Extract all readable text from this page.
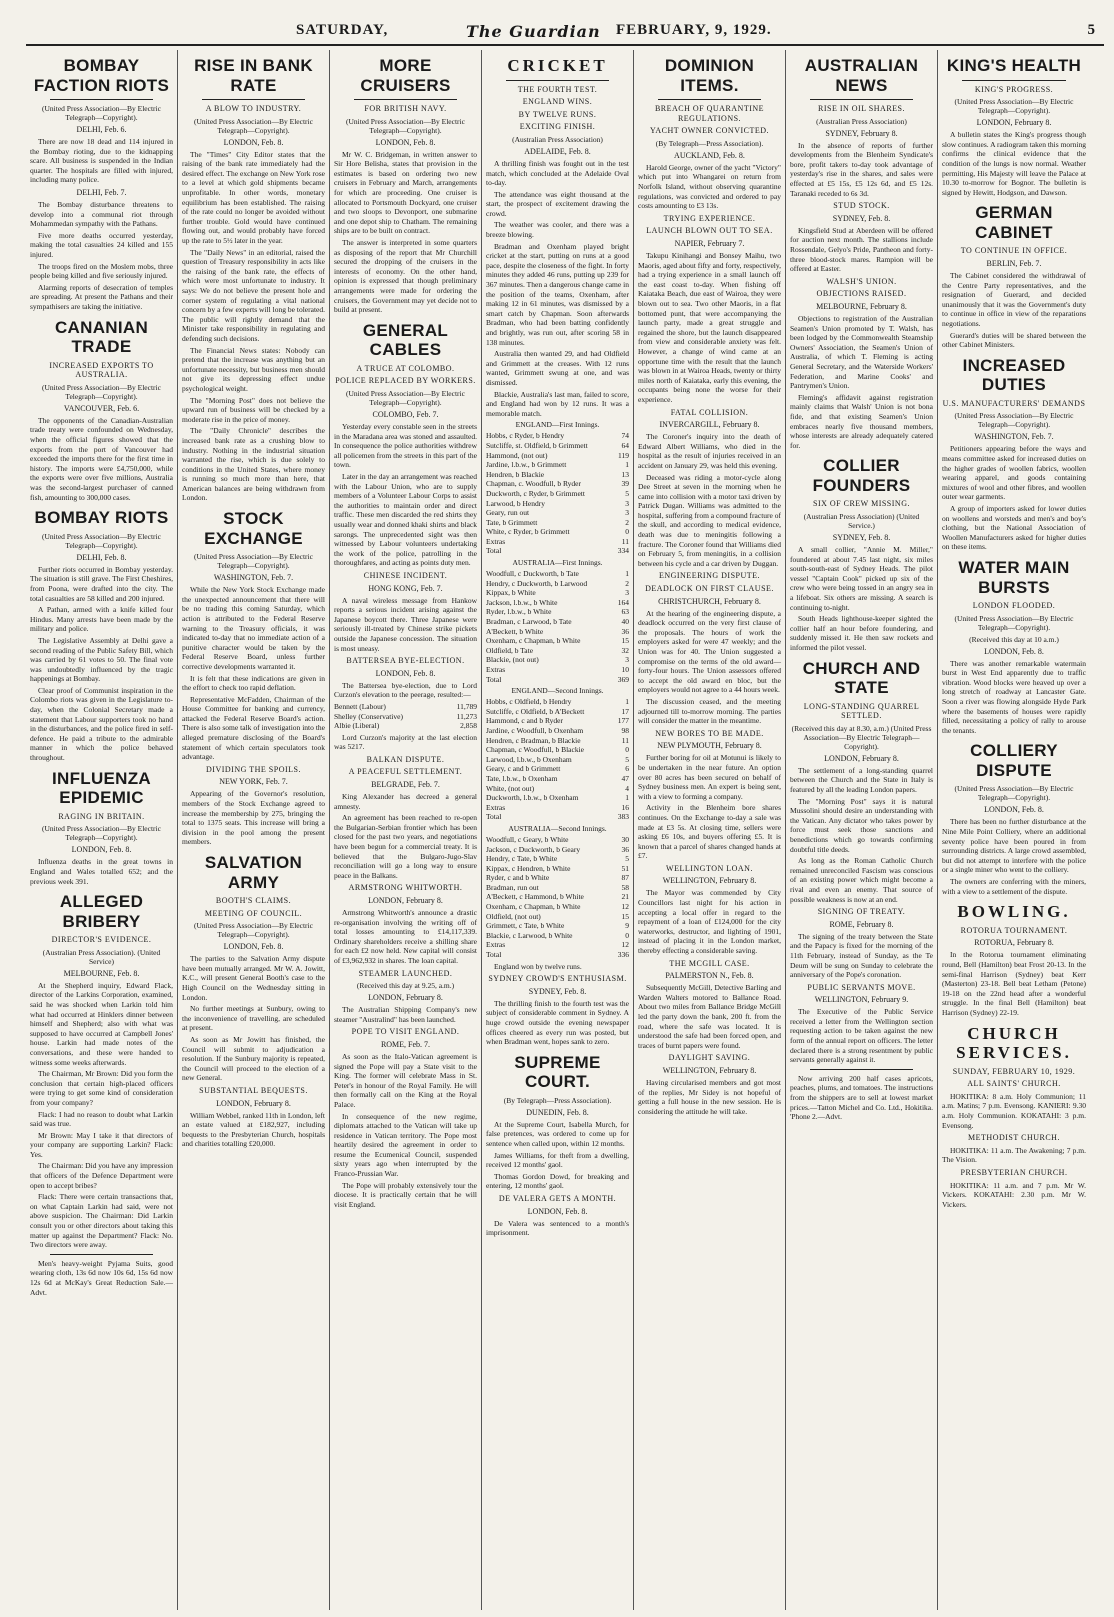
SATURDAY,	The Guardian FEBRUARY, 9, 1929.	5
BOMBAY FACTION RIOTS
(United Press Association—By Electric Telegraph—Copyright).
DELHI, Feb. 6.

There are now 18 dead and 114 injured in the Bombay rioting, due to the kidnapping scare. All business is suspended in the Indian quarter. The hospitals are filled with injured, including many police.

DELHI, Feb. 7.

The Bombay disturbance threatens to develop into a communal riot through Mohammedan sympathy with the Pathans.

Five more deaths occurred yesterday, making the total casualties 24 killed and 155 injured.

The troops fired on the Moslem mobs, three people being killed and five seriously injured.

Alarming reports of desecration of temples are spreading. At present the Pathans and their sympathisers are taking the initiative.

CANANIAN TRADE
INCREASED EXPORTS TO AUSTRALIA.
(United Press Association—By Electric Telegraph—Copyright).
VANCOUVER, Feb. 6.

The opponents of the Canadian-Australian trade treaty were confounded on Wednesday, when the official figures showed that the exports from the port of Vancouver had exceeded the imports there for the first time in history. The imports were £4,750,000, while the exports were over five millions, Australia was the second-largest purchaser of canned fish, amounting to 300,000 cases.

BOMBAY RIOTS
(United Press Association—By Electric Telegraph—Copyright).
DELHI, Feb. 8.

Further riots occurred in Bombay yesterday. The situation is still grave. The First Cheshires, from Poona, were drafted into the city. The total casualties are 58 killed and 200 injured.

A Pathan, armed with a knife killed four Hindus. Many arrests have been made by the military and police.

The Legislative Assembly at Delhi gave a second reading of the Public Safety Bill, which was carried by 61 votes to 50. The final vote was undoubtedly influenced by the tragic happenings at Bombay.

Clear proof of Communist inspiration in the Colombo riots was given in the Legislature to-day, when the Colonial Secretary made a statement that Labour supporters took no hand in the disturbances, and the police fired in self-defence. He paid a tribute to the admirable manner in which the police behaved throughout.

INFLUENZA EPIDEMIC
RAGING IN BRITAIN.
(United Press Association—By Electric Telegraph—Copyright).
LONDON, Feb. 8.

Influenza deaths in the great towns in England and Wales totalled 652; and the previous week 391.

ALLEGED BRIBERY
DIRECTOR'S EVIDENCE.
(Australian Press Association). (United Service)
MELBOURNE, Feb. 8.

At the Shepherd inquiry, Edward Flack, director of the Larkins Corporation, examined, said he was shocked when Larkin told him what had occurred at Hinklers dinner between himself and Shepherd; also with what was supposed to have occurred at Campbell Jones' house. Larkin had made notes of the conversations, and these were handed to witness some weeks afterwards.

The Chairman, Mr Brown: Did you form the conclusion that certain high-placed officers were trying to get some kind of consideration from your company?

Flack: I had no reason to doubt what Larkin said was true.

Mr Brown: May I take it that directors of your company are supporting Larkin? Flack: Yes.

The Chairman: Did you have any impression that officers of the Defence Department were open to accept bribes?

Flack: There were certain transactions that, on what Captain Larkin had said, were not above suspicion. The Chairman: Did Larkin consult you or other directors about taking this matter up against the Department? Flack: No. Two directors were away.

Men's heavy-weight Pyjama Suits, good wearing cloth, 13s 6d now 10s 6d, 15s 6d now 12s 6d at McKay's Great Reduction Sale.—Advt.

RISE IN BANK RATE
A BLOW TO INDUSTRY.
(United Press Association—By Electric Telegraph—Copyright).
LONDON, Feb. 8.

The "Times" City Editor states that the raising of the bank rate immediately had the desired effect. The exchange on New York rose to a level at which gold shipments became unprofitable. In other words, monetary equilibrium has been established. The raising of the rate could no longer be avoided without further trouble. Gold would have continued flowing out, and would probably have forced up the rate to 5½ later in the year.

The "Daily News" in an editorial, raised the question of Treasury responsibility in acts like the raising of the bank rate, the effects of which were most unfortunate to industry. It says: We do not believe the present hole and corner system of regulating a vital national concern by a few experts will long be tolerated. The public will rightly demand that the Minister take responsibility in regulating and defending such decisions.

The Financial News states: Nobody can pretend that the increase was anything but an unfortunate necessity, but business men should not give its depressing effect undue psychological weight.

The "Morning Post" does not believe the upward run of business will be checked by a moderate rise in the price of money.

The "Daily Chronicle" describes the increased bank rate as a crushing blow to industry. Nothing in the industrial situation warranted the rise, which is due solely to conditions in the United States, where money is running so much more than here, that American balances are being withdrawn from London.

STOCK EXCHANGE
(United Press Association—By Electric Telegraph—Copyright).
WASHINGTON, Feb. 7.

While the New York Stock Exchange made the unexpected announcement that there will be no trading this coming Saturday, which action is attributed to the Federal Reserve warning to the Treasury officials, it was indicated to-day that no immediate action of a punitive character would be taken by the Federal Reserve Board, unless further corrective developments warranted it.

It is felt that these indications are given in the effort to check too rapid deflation.

Representative McFadden, Chairman of the House Committee for banking and currency, attacked the Federal Reserve Board's action. There is also some talk of investigation into the alleged premature disclosing of the Board's statement of which certain speculators took advantage.

DIVIDING THE SPOILS.
NEW YORK, Feb. 7.

Appearing of the Governor's resolution, members of the Stock Exchange agreed to increase the membership by 275, bringing the total to 1375 seats. This increase will bring a division in the pool among the present members.

SALVATION ARMY
BOOTH'S CLAIMS.
MEETING OF COUNCIL.
(United Press Association—By Electric Telegraph—Copyright).
LONDON, Feb. 8.

The parties to the Salvation Army dispute have been mutually arranged. Mr W. A. Jowitt, K.C., will present General Booth's case to the High Council on the Wednesday sitting in London.

No further meetings at Sunbury, owing to the inconvenience of travelling, are scheduled at present.

As soon as Mr Jowitt has finished, the Council will submit to adjudication a resolution. If the Sunbury majority is repeated, the Council will proceed to the election of a new General.

SUBSTANTIAL BEQUESTS.
LONDON, February 8.

William Webbel, ranked 11th in London, left an estate valued at £182,927, including bequests to the Presbyterian Church, hospitals and charities totalling £20,000.

MORE CRUISERS
FOR BRITISH NAVY.
(United Press Association—By Electric Telegraph—Copyright).
LONDON, Feb. 8.

Mr W. C. Bridgeman, in written answer to Sir Hore Belisha, states that provision in the estimates is based on ordering two new cruisers in February and March, arrangements for which are proceeding. One cruiser is allocated to Portsmouth Dockyard, one cruiser and two sloops to Devonport, one submarine and one depot ship to Chatham. The remaining ships are to be built on contract.

The answer is interpreted in some quarters as disposing of the report that Mr Churchill secured the dropping of the cruisers in the interests of economy. On the other hand, opinion is expressed that though preliminary arrangements were made for ordering the cruisers, the Government may yet decide not to build at present.

GENERAL CABLES
A TRUCE AT COLOMBO.
POLICE REPLACED BY WORKERS.
(United Press Association—By Electric Telegraph—Copyright).
COLOMBO, Feb. 7.

Yesterday every constable seen in the streets in the Maradana area was stoned and assaulted. In consequence the police authorities withdrew all policemen from the streets in this part of the town.

Later in the day an arrangement was reached with the Labour Union, who are to supply members of a Volunteer Labour Corps to assist the authorities to maintain order and direct traffic. These men discarded the red shirts they usually wear and donned khaki shirts and black sarongs. The unprecedented sight was then witnessed by Labour volunteers undertaking the work of the police, patrolling in the thoroughfares, and acting as points duty men.

CHINESE INCIDENT.
HONG KONG, Feb. 7.

A naval wireless message from Hankow reports a serious incident arising against the Japanese boycott there. Three Japanese were seriously ill-treated by Chinese strike pickets outside the Japanese concession. The situation is most uneasy.

BATTERSEA BYE-ELECTION.
LONDON, Feb. 8.

The Battersea bye-election, due to Lord Curzon's elevation to the peerage, resulted:—

Bennett (Labour)	11,789
Shelley (Conservative)	11,273
Albie (Liberal)	2,858

Lord Curzon's majority at the last election was 5217.

BALKAN DISPUTE.
A PEACEFUL SETTLEMENT.
BELGRADE, Feb. 7.

King Alexander has decreed a general amnesty.

An agreement has been reached to re-open the Bulgarian-Serbian frontier which has been closed for the past two years, and negotiations have been begun for a commercial treaty. It is believed that the Bulgaro-Jugo-Slav reconciliation will go a long way to ensure peace in the Balkans.

ARMSTRONG WHITWORTH.
LONDON, February 8.

Armstrong Whitworth's announce a drastic re-organisation involving the writing off of total losses amounting to £14,117,339. Ordinary shareholders receive a shilling share for each £2 now held. New capital will consist of £3,962,932 in shares. The loan capital.

STEAMER LAUNCHED.
(Received this day at 9.25, a.m.)
LONDON, February 8.

The Australian Shipping Company's new steamer "Australind" has been launched.

POPE TO VISIT ENGLAND.
ROME, Feb. 7.

As soon as the Italo-Vatican agreement is signed the Pope will pay a State visit to the King. The former will celebrate Mass in St. Peter's in honour of the Royal Family. He will then formally call on the King at the Royal Palace.

In consequence of the new regime, diplomats attached to the Vatican will take up residence in Vatican territory. The Pope most heartily desired the agreement in order to resume the Ecumenical Council, suspended sixty years ago when interrupted by the Franco-Prussian War.

The Pope will probably extensively tour the diocese. It is practically certain that he will visit England.

CRICKET
THE FOURTH TEST.
ENGLAND WINS.
BY TWELVE RUNS.
EXCITING FINISH.
(Australian Press Association)
ADELAIDE, Feb. 8.

A thrilling finish was fought out in the test match, which concluded at the Adelaide Oval to-day.

The attendance was eight thousand at the start, the prospect of excitement drawing the crowd.

The weather was cooler, and there was a breeze blowing.

Bradman and Oxenham played bright cricket at the start, putting on runs at a good pace, despite the closeness of the fight. In forty minutes they added 46 runs, putting up 239 for 367 minutes. Then a dangerous change came in the position of the teams, Oxenham, after making 12 in 61 minutes, was dismissed by a smart catch by Chapman. Soon afterwards Bradman, who had been batting confidently and brightly, was run out, after scoring 58 in 138 minutes.

Australia then wanted 29, and had Oldfield and Grimmett at the creases. With 12 runs wanted, Grimmett swung at one, and was dismissed.

Blackie, Australia's last man, failed to score, and England had won by 12 runs. It was a memorable match.

ENGLAND—First Innings.
Hobbs, c Ryder, b Hendry	74
Sutcliffe, st. Oldfield, b Grimmett	64
Hammond, (not out)	119
Jardine, l.b.w., b Grimmett	1
Hendren, b Blackie	13
Chapman, c. Woodfull, b Ryder	39
Duckworth, c Ryder, b Grimmett	5
Larwood, b Hendry	3
Geary, run out	3
Tate, b Grimmett	2
White, c Ryder, b Grimmett	0
Extras	11
Total	334
AUSTRALIA—First Innings.
Woodfull, c Duckworth, b Tate	1
Hendry, c Duckworth, b Larwood	2
Kippax, b White	3
Jackson, l.b.w., b White	164
Ryder, l.b.w., b White	63
Bradman, c Larwood, b Tate	40
A'Beckett, b White	36
Oxenham, c Chapman, b White	15
Oldfield, b Tate	32
Blackie, (not out)	3
Extras	10
Total	369
ENGLAND—Second Innings.
Hobbs, c Oldfield, b Hendry	1
Sutcliffe, c Oldfield, b A'Beckett	17
Hammond, c and b Ryder	177
Jardine, c Woodfull, b Oxenham	98
Hendren, c Bradman, b Blackie	11
Chapman, c Woodfull, b Blackie	0
Larwood, l.b.w., b Oxenham	5
Geary, c and b Grimmett	6
Tate, l.b.w., b Oxenham	47
White, (not out)	4
Duckworth, l.b.w., b Oxenham	1
Extras	16
Total	383
AUSTRALIA—Second Innings.
Woodfull, c Geary, b White	30
Jackson, c Duckworth, b Geary	36
Hendry, c Tate, b White	5
Kippax, c Hendren, b White	51
Ryder, c and b White	87
Bradman, run out	58
A'Beckett, c Hammond, b White	21
Oxenham, c Chapman, b White	12
Oldfield, (not out)	15
Grimmett, c Tate, b White	9
Blackie, c Larwood, b White	0
Extras	12
Total	336

England won by twelve runs.

SYDNEY CROWD'S ENTHUSIASM.
SYDNEY, Feb. 8.

The thrilling finish to the fourth test was the subject of considerable comment in Sydney. A huge crowd outside the evening newspaper offices cheered as every run was posted, but when Bradman went, hopes sank to zero.

SUPREME COURT.
(By Telegraph—Press Association).
DUNEDIN, Feb. 8.

At the Supreme Court, Isabella Murch, for false pretences, was ordered to come up for sentence when called upon, within 12 months.

James Williams, for theft from a dwelling, received 12 months' gaol.

Thomas Gordon Dowd, for breaking and entering, 12 months' gaol.

DE VALERA GETS A MONTH.
LONDON, Feb. 8.

De Valera was sentenced to a month's imprisonment.

DOMINION ITEMS.
BREACH OF QUARANTINE REGULATIONS.
YACHT OWNER CONVICTED.
(By Telegraph—Press Association).
AUCKLAND, Feb. 8.

Harold George, owner of the yacht "Victory" which put into Whangarei on return from Norfolk Island, without observing quarantine regulations, was convicted and ordered to pay costs amounting to £3 13s.

TRYING EXPERIENCE.
LAUNCH BLOWN OUT TO SEA.
NAPIER, February 7.

Takupu Kinihangi and Bonsey Maihu, two Maoris, aged about fifty and forty, respectively, had a trying experience in a small launch off the east coast to-day. When fishing off Kaiataka Beach, due east of Wairoa, they were blown out to sea. Two other Maoris, in a flat bottomed punt, that were accompanying the launch party, made a great struggle and regained the shore, but the launch disappeared from view and considerable anxiety was felt. However, a change of wind came at an opportune time with the result that the launch was blown in at Wairoa Heads, twenty or thirty miles north of Kaiataka, early this evening, the occupants being none the worse for their experience.

FATAL COLLISION.
INVERCARGILL, February 8.

The Coroner's inquiry into the death of Edward Albert Williams, who died in the hospital as the result of injuries received in an accident on January 29, was held this evening.

Deceased was riding a motor-cycle along Dee Street at seven in the morning when he came into collision with a motor taxi driven by Patrick Dugan. Williams was admitted to the hospital, suffering from a compound fracture of the skull, and according to medical evidence, death was due to meningitis following a fracture. The Coroner found that Williams died on February 5, from meningitis, in a collision between his cycle and a car driven by Duggan.

ENGINEERING DISPUTE.
DEADLOCK ON FIRST CLAUSE.
CHRISTCHURCH, February 8.

At the hearing of the engineering dispute, a deadlock occurred on the very first clause of the proposals. The hours of work the employers asked for were 47 weekly; and the Union was for 40. The Union suggested a compromise on the terms of the old award—forty-four hours. The Union assessors offered to accept the old award en bloc, but the employers would not agree to a 44 hours week.

The discussion ceased, and the meeting adjourned till to-morrow morning. The parties will consider the matter in the meantime.

NEW BORES TO BE MADE.
NEW PLYMOUTH, February 8.

Further boring for oil at Motunui is likely to be undertaken in the near future. An option over 80 acres has been secured on behalf of Sydney business men. An expert is being sent, with a view to forming a company.

Activity in the Blenheim bore shares continues. On the Exchange to-day a sale was made at £3 5s. At closing time, sellers were asking £6 10s, and buyers offering £5. It is known that a parcel of shares changed hands at £7.

WELLINGTON LOAN.
WELLINGTON, February 8.

The Mayor was commended by City Councillors last night for his action in accepting a local offer in regard to the repayment of a loan of £124,000 for the city waterworks, destructor, and lighting of 1901, instead of placing it in the London market, thereby effecting a considerable saving.

THE MCGILL CASE.
PALMERSTON N., Feb. 8.

Subsequently McGill, Detective Barling and Warden Walters motored to Ballance Road. About two miles from Ballance Bridge McGill led the party down the bank, 200 ft. from the road, where the safe was located. It is understood the safe had been forced open, and traces of burnt papers were found.

DAYLIGHT SAVING.
WELLINGTON, February 8.

Having circularised members and got most of the replies, Mr Sidey is not hopeful of getting a full house in the new session. He is considering the attitude he will take.

AUSTRALIAN NEWS
RISE IN OIL SHARES.
(Australian Press Association)
SYDNEY, February 8.

In the absence of reports of further developments from the Blenheim Syndicate's bore, profit takers to-day took advantage of yesterday's rise in the shares, and sales were effected at £5 15s, £5 12s 6d, and £5 12s. Taranaki receded to 6s 3d.

STUD STOCK.
SYDNEY, Feb. 8.

Kingsfield Stud at Aberdeen will be offered for auction next month. The stallions include Rossendale, Gelyo's Pride, Pantheon and forty-three blood-stock mares. Rampion will be offered at Easter.

WALSH'S UNION.
OBJECTIONS RAISED.
MELBOURNE, February 8.

Objections to registration of the Australian Seamen's Union promoted by T. Walsh, has been lodged by the Commonwealth Steamship Owners' Association, the Seamen's Union of Australia, of which T. Fleming is acting General Secretary, and the Waterside Workers' Federation, and Marine Cooks' and Pantrymen's Union.

Fleming's affidavit against registration mainly claims that Walsh' Union is not bona fide, and that existing Seamen's Union embraces nearly five thousand members, whose interests are already adequately catered for.

COLLIER FOUNDERS
SIX OF CREW MISSING.
(Australian Press Association) (United Service.)
SYDNEY, Feb. 8.

A small collier, "Annie M. Miller," foundered at about 7.45 last night, six miles south-south-east of Sydney Heads. The pilot vessel "Captain Cook" picked up six of the crew who were being tossed in an angry sea in a lifeboat. Six others are missing. A search is continuing to-night.

South Heads lighthouse-keeper sighted the collier half an hour before foundering, and suddenly missed it. He then saw rockets and informed the pilot vessel.

CHURCH AND STATE
LONG-STANDING QUARREL SETTLED.
(Received this day at 8.30, a.m.) (United Press Association—By Electric Telegraph—Copyright).
LONDON, February 8.

The settlement of a long-standing quarrel between the Church and the State in Italy is featured by all the leading London papers.

The "Morning Post" says it is natural Mussolini should desire an understanding with the Vatican. Any dictator who takes power by force must seek those sanctions and benedictions which go towards confirming doubtful title deeds.

As long as the Roman Catholic Church remained unreconciled Fascism was conscious of an existing power which might become a rival and even an enemy. That source of possible weakness is now at an end.

SIGNING OF TREATY.
ROME, February 8.

The signing of the treaty between the State and the Papacy is fixed for the morning of the 11th February, instead of Sunday, as the Te Deum will be sung on Sunday to celebrate the anniversary of the Pope's coronation.

PUBLIC SERVANTS MOVE.
WELLINGTON, February 9.

The Executive of the Public Service received a letter from the Wellington section requesting action to be taken against the new form of the annual report on officers. The letter declared there is a strong resentment by public servants generally against it.

Now arriving 200 half cases apricots, peaches, plums, and tomatoes. The instructions from the shippers are to sell at lowest market prices.—Tatton Michel and Co. Ltd., Hokitika. 'Phone 2.—Advt.

KING'S HEALTH
KING'S PROGRESS.
(United Press Association—By Electric Telegraph—Copyright).
LONDON, February 8.

A bulletin states the King's progress though slow continues. A radiogram taken this morning confirms the clinical evidence that the condition of the lungs is now normal. Weather permitting, His Majesty will leave the Palace at 10.30 to-morrow for Bognor. The bulletin is signed by Hewitt, Hodgson, and Dawson.

GERMAN CABINET
TO CONTINUE IN OFFICE.
BERLIN, Feb. 7.

The Cabinet considered the withdrawal of the Centre Party representatives, and the resignation of Guerard, and decided unanimously that it was the Government's duty to continue in office in view of the reparations negotiations.

Guerard's duties will be shared between the other Cabinet Ministers.

INCREASED DUTIES
U.S. MANUFACTURERS' DEMANDS
(United Press Association—By Electric Telegraph—Copyright).
WASHINGTON, Feb. 7.

Petitioners appearing before the ways and means committee asked for increased duties on the higher grades of woollen fabrics, woollen wearing apparel, and goods containing mixtures of wool and other fibres, and woollen outer wear garments.

A group of importers asked for lower duties on woollens and worsteds and men's and boy's clothing, but the National Association of Woollen Manufacturers asked for higher duties on these items.

WATER MAIN BURSTS
LONDON FLOODED.
(United Press Association—By Electric Telegraph—Copyright).
(Received this day at 10 a.m.)
LONDON, Feb. 8.

There was another remarkable watermain burst in West End apparently due to traffic vibration. Wood blocks were heaved up over a long stretch of roadway at Lancaster Gate. Soon a river was flowing alongside Hyde Park where the basements of houses were rapidly filled, necessitating a policy of rally to arouse the tenants.

COLLIERY DISPUTE
(United Press Association—By Electric Telegraph—Copyright).
LONDON, Feb. 8.

There has been no further disturbance at the Nine Mile Point Colliery, where an additional seventy police have been poured in from surrounding districts. A large crowd assembled, but did not attempt to interfere with the police or a single miner who went to the colliery.

The owners are conferring with the miners, with a view to a settlement of the dispute.

BOWLING.
ROTORUA TOURNAMENT.
ROTORUA, February 8.

In the Rotorua tournament eliminating round, Bell (Hamilton) beat Frost 20-13. In the semi-final Harrison (Sydney) beat Kerr (Masterton) 23-18. Bell beat Letham (Petone) 19-18 on the 22nd head after a wonderful struggle. In the final Bell (Hamilton) beat Harrison (Sydney) 22-19.

CHURCH SERVICES.
SUNDAY, FEBRUARY 10, 1929.
ALL SAINTS' CHURCH.

HOKITIKA: 8 a.m. Holy Communion; 11 a.m. Matins; 7 p.m. Evensong. KANIERI: 9.30 a.m. Holy Communion. KOKATAHI: 3 p.m. Evensong.

METHODIST CHURCH.

HOKITIKA: 11 a.m. The Awakening; 7 p.m. The Vision.

PRESBYTERIAN CHURCH.

HOKITIKA: 11 a.m. and 7 p.m. Mr W. Vickers. KOKATAHI: 2.30 p.m. Mr W. Vickers.
